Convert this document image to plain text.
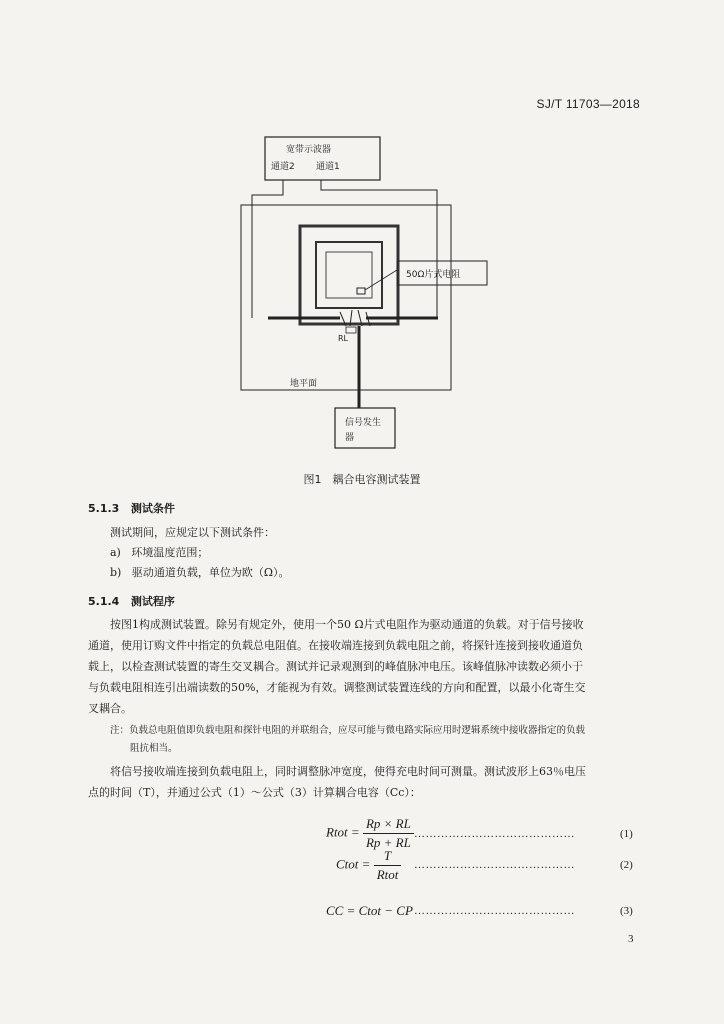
SJ/T 11703—2018
宽带示波器
通道2 通道1
50Ω片式电阻
RL
地平面
信号发生
器
图1　耦合电容测试装置
5.1.3 测试条件
测试期间，应规定以下测试条件：
a) 环境温度范围；
b) 驱动通道负载，单位为欧（Ω）。
5.1.4 测试程序
按图1构成测试装置。除另有规定外，使用一个50 Ω片式电阻作为驱动通道的负载。对于信号接收
通道，使用订购文件中指定的负载总电阻值。在接收端连接到负载电阻之前，将探针连接到接收通道负
载上，以检查测试装置的寄生交叉耦合。测试并记录观测到的峰值脉冲电压。该峰值脉冲读数必须小于
与负载电阻相连引出端读数的50%，才能视为有效。调整测试装置连线的方向和配置，以最小化寄生交
叉耦合。
注：负载总电阻值即负载电阻和探针电阻的并联组合，应尽可能与微电路实际应用时逻辑系统中接收器指定的负载
阻抗相当。
将信号接收端连接到负载电阻上，同时调整脉冲宽度，使得充电时间可测量。测试波形上63％电压
点的时间（T），并通过公式（1）～公式（3）计算耦合电容（Cc）：
Rtot = $\frac{Rp \times RL}{Rp + RL}$ ……………………………………	(1)
Ctot = $\frac{T}{\text{Rtot}}$ ……………………………………	(2)
CC = Ctot − CP ……………………………………	(3)
3
